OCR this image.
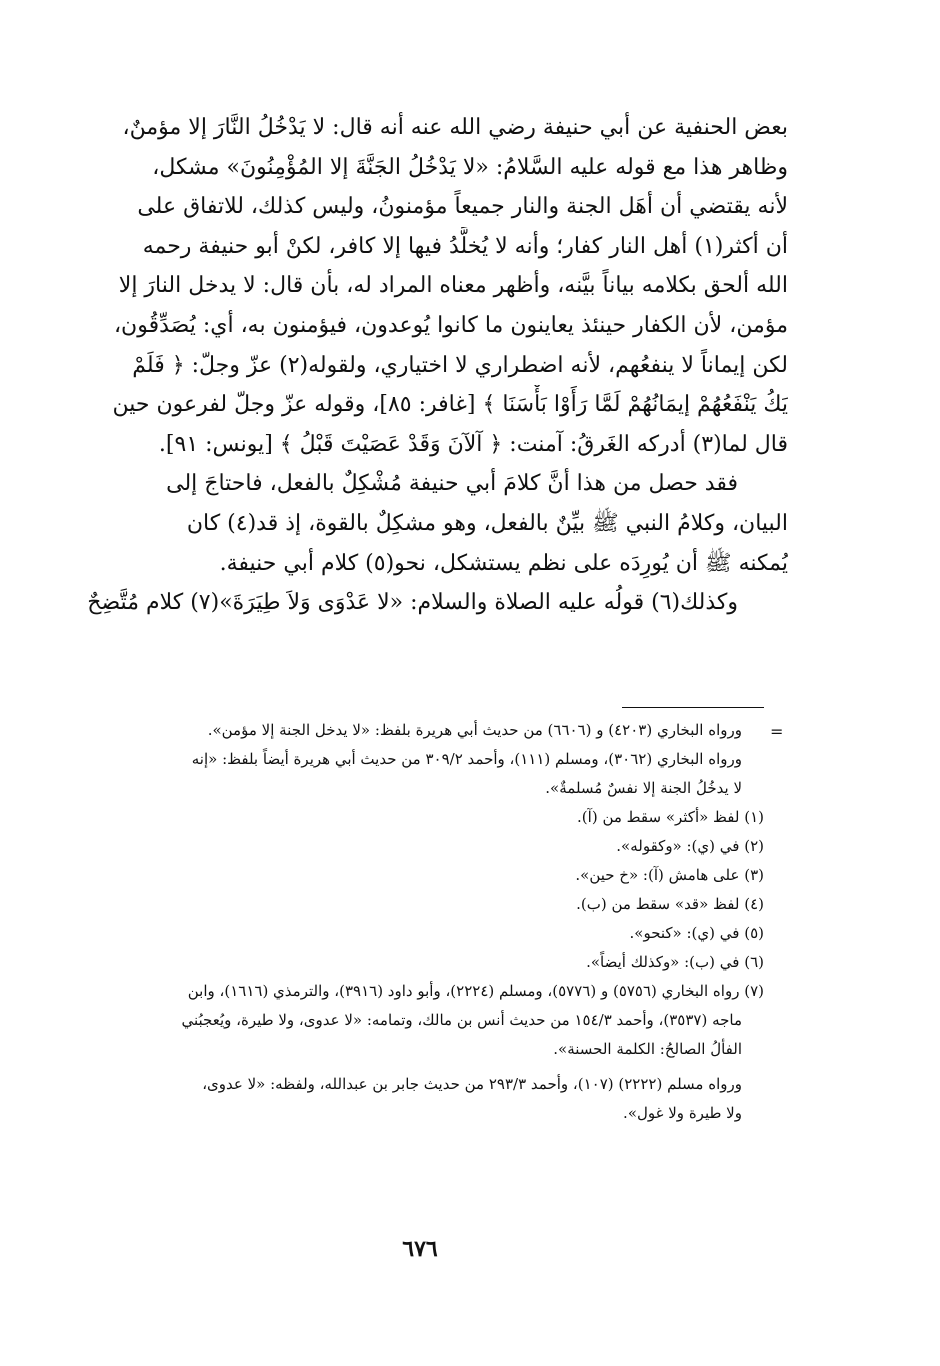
بعض الحنفية عن أبي حنيفة رضي الله عنه أنه قال: لا يَدْخُلُ النَّارَ إلا مؤمنٌ،
وظاهر هذا مع قوله عليه السَّلامُ: «لا يَدْخُلُ الجَنَّةَ إلا المُؤْمِنُونَ» مشكل،
لأنه يقتضي أن أهَل الجنة والنار جميعاً مؤمنونُ، وليس كذلك، للاتفاق على
أن أكثر(١) أهل النار كفار؛ وأنه لا يُخلَّدُ فيها إلا كافر، لكنْ أبو حنيفة رحمه
الله ألحق بكلامه بياناً بيَّنه، وأظهر معناه المراد له، بأن قال: لا يدخل النارَ إلا
مؤمن، لأن الكفار حينئذ يعاينون ما كانوا يُوعدون، فيؤمنون به، أي: يُصَدِّقُون،
لكن إيماناً لا ينفعُهم، لأنه اضطراري لا اختياري، ولقوله(٢) عزّ وجلّ: ﴿ فَلَمْ
يَكُ يَنْفَعُهُمْ إيمَانُهُمْ لَمَّا رَأَوْا بَأْسَنَا ﴾ [غافر: ٨٥]، وقوله عزّ وجلّ لفرعون حين
قال لما(٣) أدركه الغَرقُ: آمنت: ﴿ آلآنَ وَقَدْ عَصَيْتَ قَبْلُ ﴾ [يونس: ٩١].
فقد حصل من هذا أنَّ كلامَ أبي حنيفة مُشْكِلٌ بالفعل، فاحتاجَ إلى
البيان، وكلامُ النبي ﷺ بيِّنٌ بالفعل، وهو مشكِلٌ بالقوة، إذ قد(٤) كان
يُمكنه ﷺ أن يُورِدَه على نظم يستشكل، نحو(٥) كلام أبي حنيفة.
وكذلك(٦) قولُه عليه الصلاة والسلام: «لا عَدْوَى وَلاَ طِيَرَةَ»(٧) كلام مُتَّضِحٌ
=
ورواه البخاري (٤٢٠٣) و (٦٦٠٦) من حديث أبي هريرة بلفظ: «لا يدخل الجنة إلا مؤمن».
ورواه البخاري (٣٠٦٢)، ومسلم (١١١)، وأحمد ٣٠٩/٢ من حديث أبي هريرة أيضاً بلفظ: «إنه
لا يدخُلُ الجنة إلا نفسٌ مُسلمةٌ».
(١) لفظ «أكثر» سقط من (آ).
(٢) في (ي): «وكقوله».
(٣) على هامش (آ): «خ حين».
(٤) لفظ «قد» سقط من (ب).
(٥) في (ي): «كنحو».
(٦) في (ب): «وكذلك أيضاً».
(٧) رواه البخاري (٥٧٥٦) و (٥٧٧٦)، ومسلم (٢٢٢٤)، وأبو داود (٣٩١٦)، والترمذي (١٦١٦)، وابن
ماجه (٣٥٣٧)، وأحمد ١٥٤/٣ من حديث أنس بن مالك، وتمامه: «لا عدوى، ولا طيرة، ويُعجبُني
الفألُ الصالحُ: الكلمة الحسنة».
ورواه مسلم (٢٢٢٢) (١٠٧)، وأحمد ٢٩٣/٣ من حديث جابر بن عبدالله، ولفظه: «لا عدوى،
ولا طيرة ولا غول».
٦٧٦
